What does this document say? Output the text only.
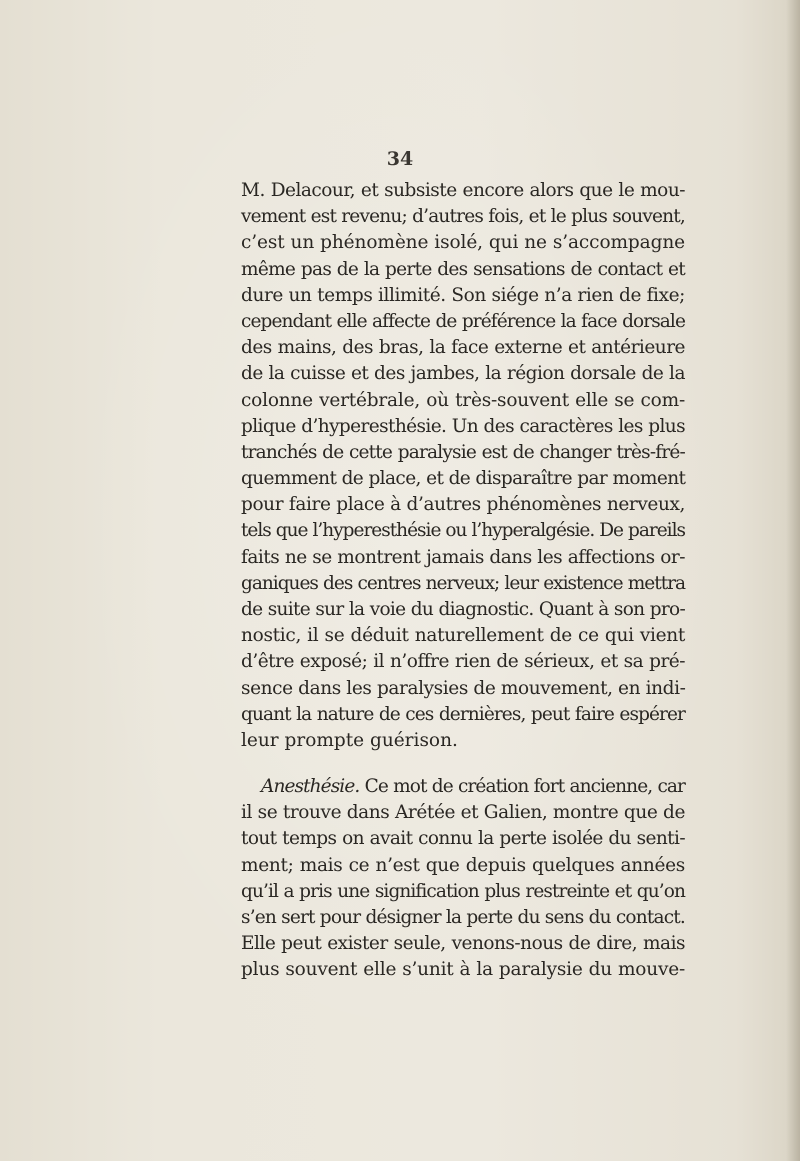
34
M. Delacour, et subsiste encore alors que le mou-
vement est revenu; d’autres fois, et le plus souvent,
c’est un phénomène isolé, qui ne s’accompagne
même pas de la perte des sensations de contact et
dure un temps illimité. Son siége n’a rien de fixe;
cependant elle affecte de préférence la face dorsale
des mains, des bras, la face externe et antérieure
de la cuisse et des jambes, la région dorsale de la
colonne vertébrale, où très-souvent elle se com-
plique d’hyperesthésie. Un des caractères les plus
tranchés de cette paralysie est de changer très-fré-
quemment de place, et de disparaître par moment
pour faire place à d’autres phénomènes nerveux,
tels que l’hyperesthésie ou l’hyperalgésie. De pareils
faits ne se montrent jamais dans les affections or-
ganiques des centres nerveux; leur existence mettra
de suite sur la voie du diagnostic. Quant à son pro-
nostic, il se déduit naturellement de ce qui vient
d’être exposé; il n’offre rien de sérieux, et sa pré-
sence dans les paralysies de mouvement, en indi-
quant la nature de ces dernières, peut faire espérer
leur prompte guérison.
Anesthésie. Ce mot de création fort ancienne, car
il se trouve dans Arétée et Galien, montre que de
tout temps on avait connu la perte isolée du senti-
ment; mais ce n’est que depuis quelques années
qu’il a pris une signification plus restreinte et qu’on
s’en sert pour désigner la perte du sens du contact.
Elle peut exister seule, venons-nous de dire, mais
plus souvent elle s’unit à la paralysie du mouve-
